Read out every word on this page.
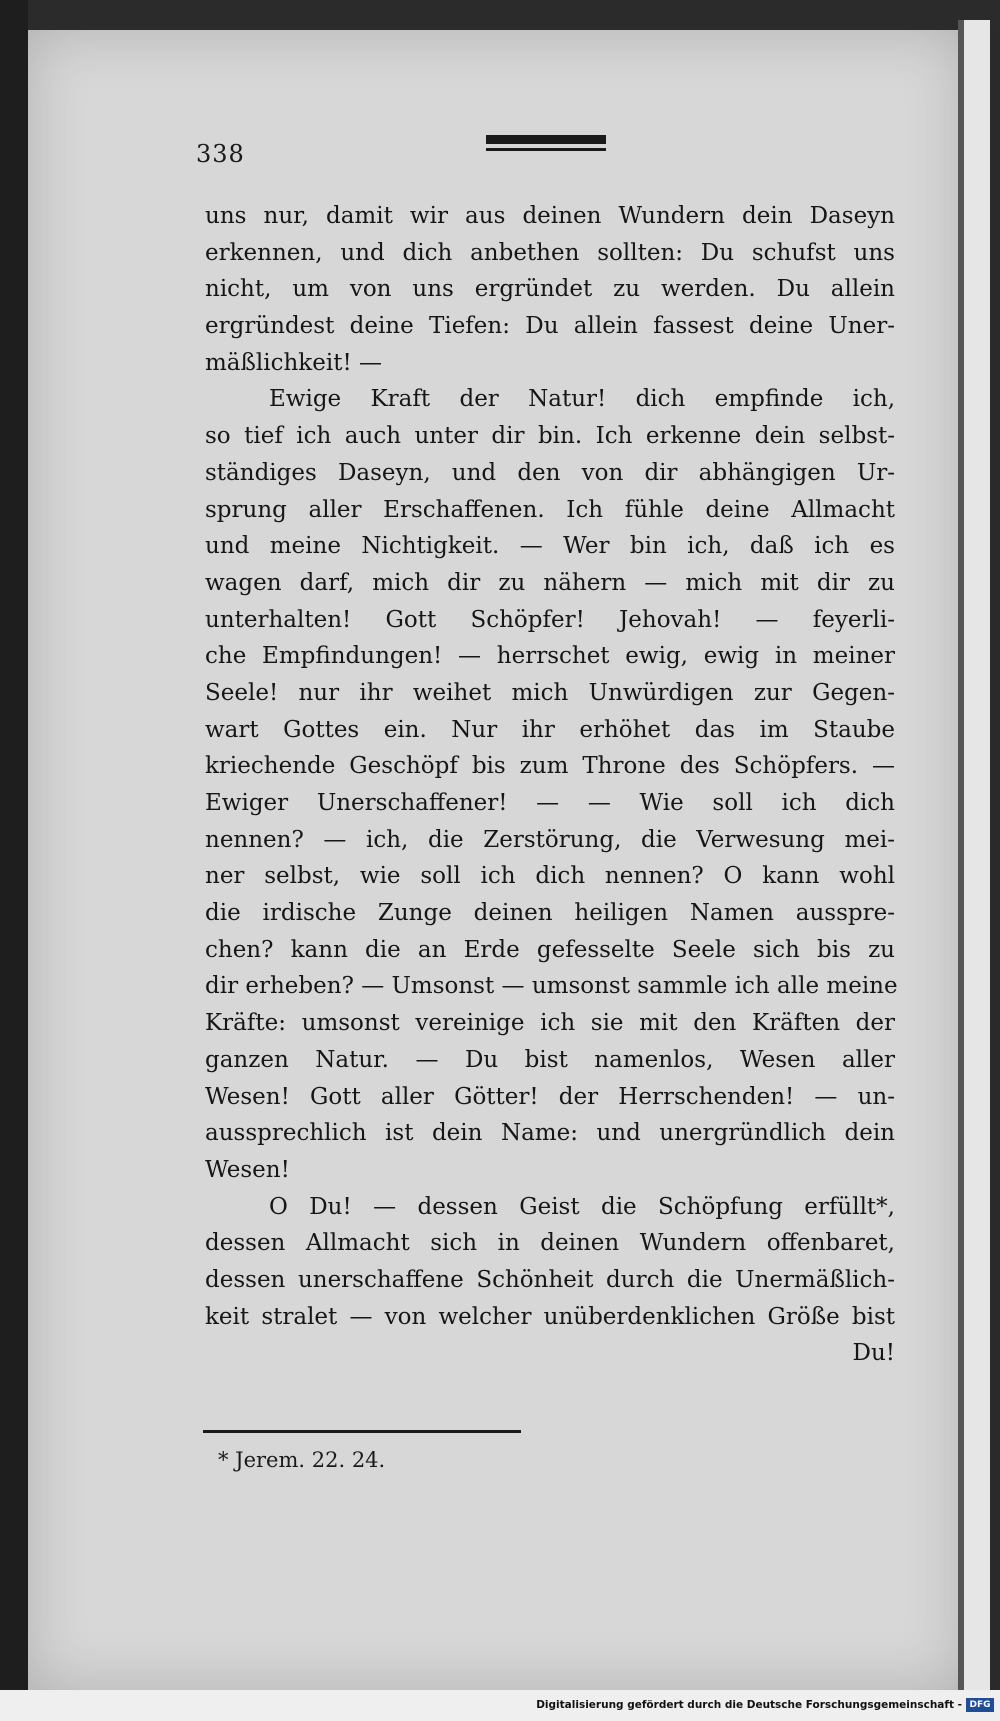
338
uns nur, damit wir aus deinen Wundern dein Daseyn
erkennen, und dich anbethen sollten: Du schufst uns
nicht, um von uns ergründet zu werden. Du allein
ergründest deine Tiefen: Du allein fassest deine Uner-
mäßlichkeit! —
Ewige Kraft der Natur! dich empfinde ich,
so tief ich auch unter dir bin. Ich erkenne dein selbst-
ständiges Daseyn, und den von dir abhängigen Ur-
sprung aller Erschaffenen. Ich fühle deine Allmacht
und meine Nichtigkeit. — Wer bin ich, daß ich es
wagen darf, mich dir zu nähern — mich mit dir zu
unterhalten! Gott Schöpfer! Jehovah! — feyerli-
che Empfindungen! — herrschet ewig, ewig in meiner
Seele! nur ihr weihet mich Unwürdigen zur Gegen-
wart Gottes ein. Nur ihr erhöhet das im Staube
kriechende Geschöpf bis zum Throne des Schöpfers. —
Ewiger Unerschaffener! — — Wie soll ich dich
nennen? — ich, die Zerstörung, die Verwesung mei-
ner selbst, wie soll ich dich nennen? O kann wohl
die irdische Zunge deinen heiligen Namen ausspre-
chen? kann die an Erde gefesselte Seele sich bis zu
dir erheben? — Umsonst — umsonst sammle ich alle meine
Kräfte: umsonst vereinige ich sie mit den Kräften der
ganzen Natur. — Du bist namenlos, Wesen aller
Wesen! Gott aller Götter! der Herrschenden! — un-
aussprechlich ist dein Name: und unergründlich dein
Wesen!
O Du! — dessen Geist die Schöpfung erfüllt*,
dessen Allmacht sich in deinen Wundern offenbaret,
dessen unerschaffene Schönheit durch die Unermäßlich-
keit stralet — von welcher unüberdenklichen Größe bist
Du!
* Jerem. 22. 24.
Digitalisierung gefördert durch die Deutsche Forschungsgemeinschaft - DFG
